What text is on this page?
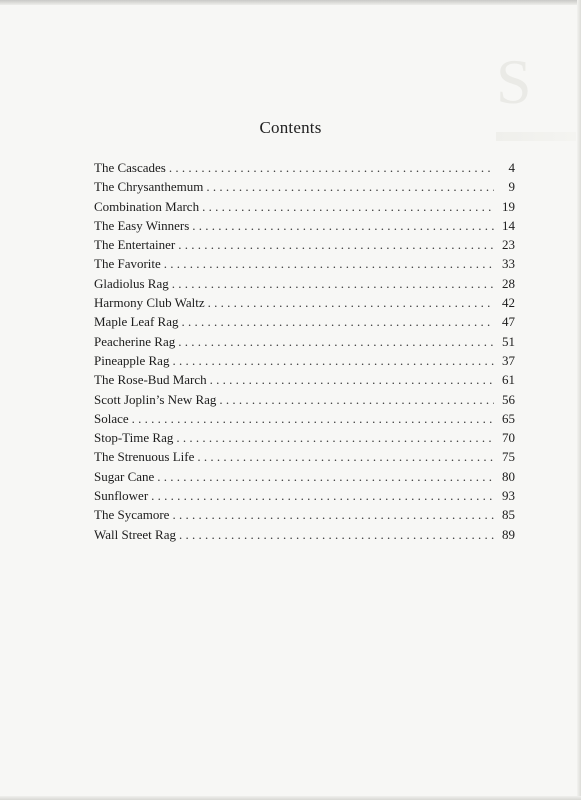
S
Contents
The Cascades . . .	4
The Chrysanthemum . . .	9
Combination March . . .	19
The Easy Winners . . .	14
The Entertainer . . .	23
The Favorite . . .	33
Gladiolus Rag . . .	28
Harmony Club Waltz . . .	42
Maple Leaf Rag . . .	47
Peacherine Rag . . .	51
Pineapple Rag . . .	37
The Rose-Bud March . . .	61
Scott Joplin’s New Rag . . .	56
Solace . . .	65
Stop-Time Rag . . .	70
The Strenuous Life . . .	75
Sugar Cane . . .	80
Sunflower . . .	93
The Sycamore . . .	85
Wall Street Rag . . .	89
